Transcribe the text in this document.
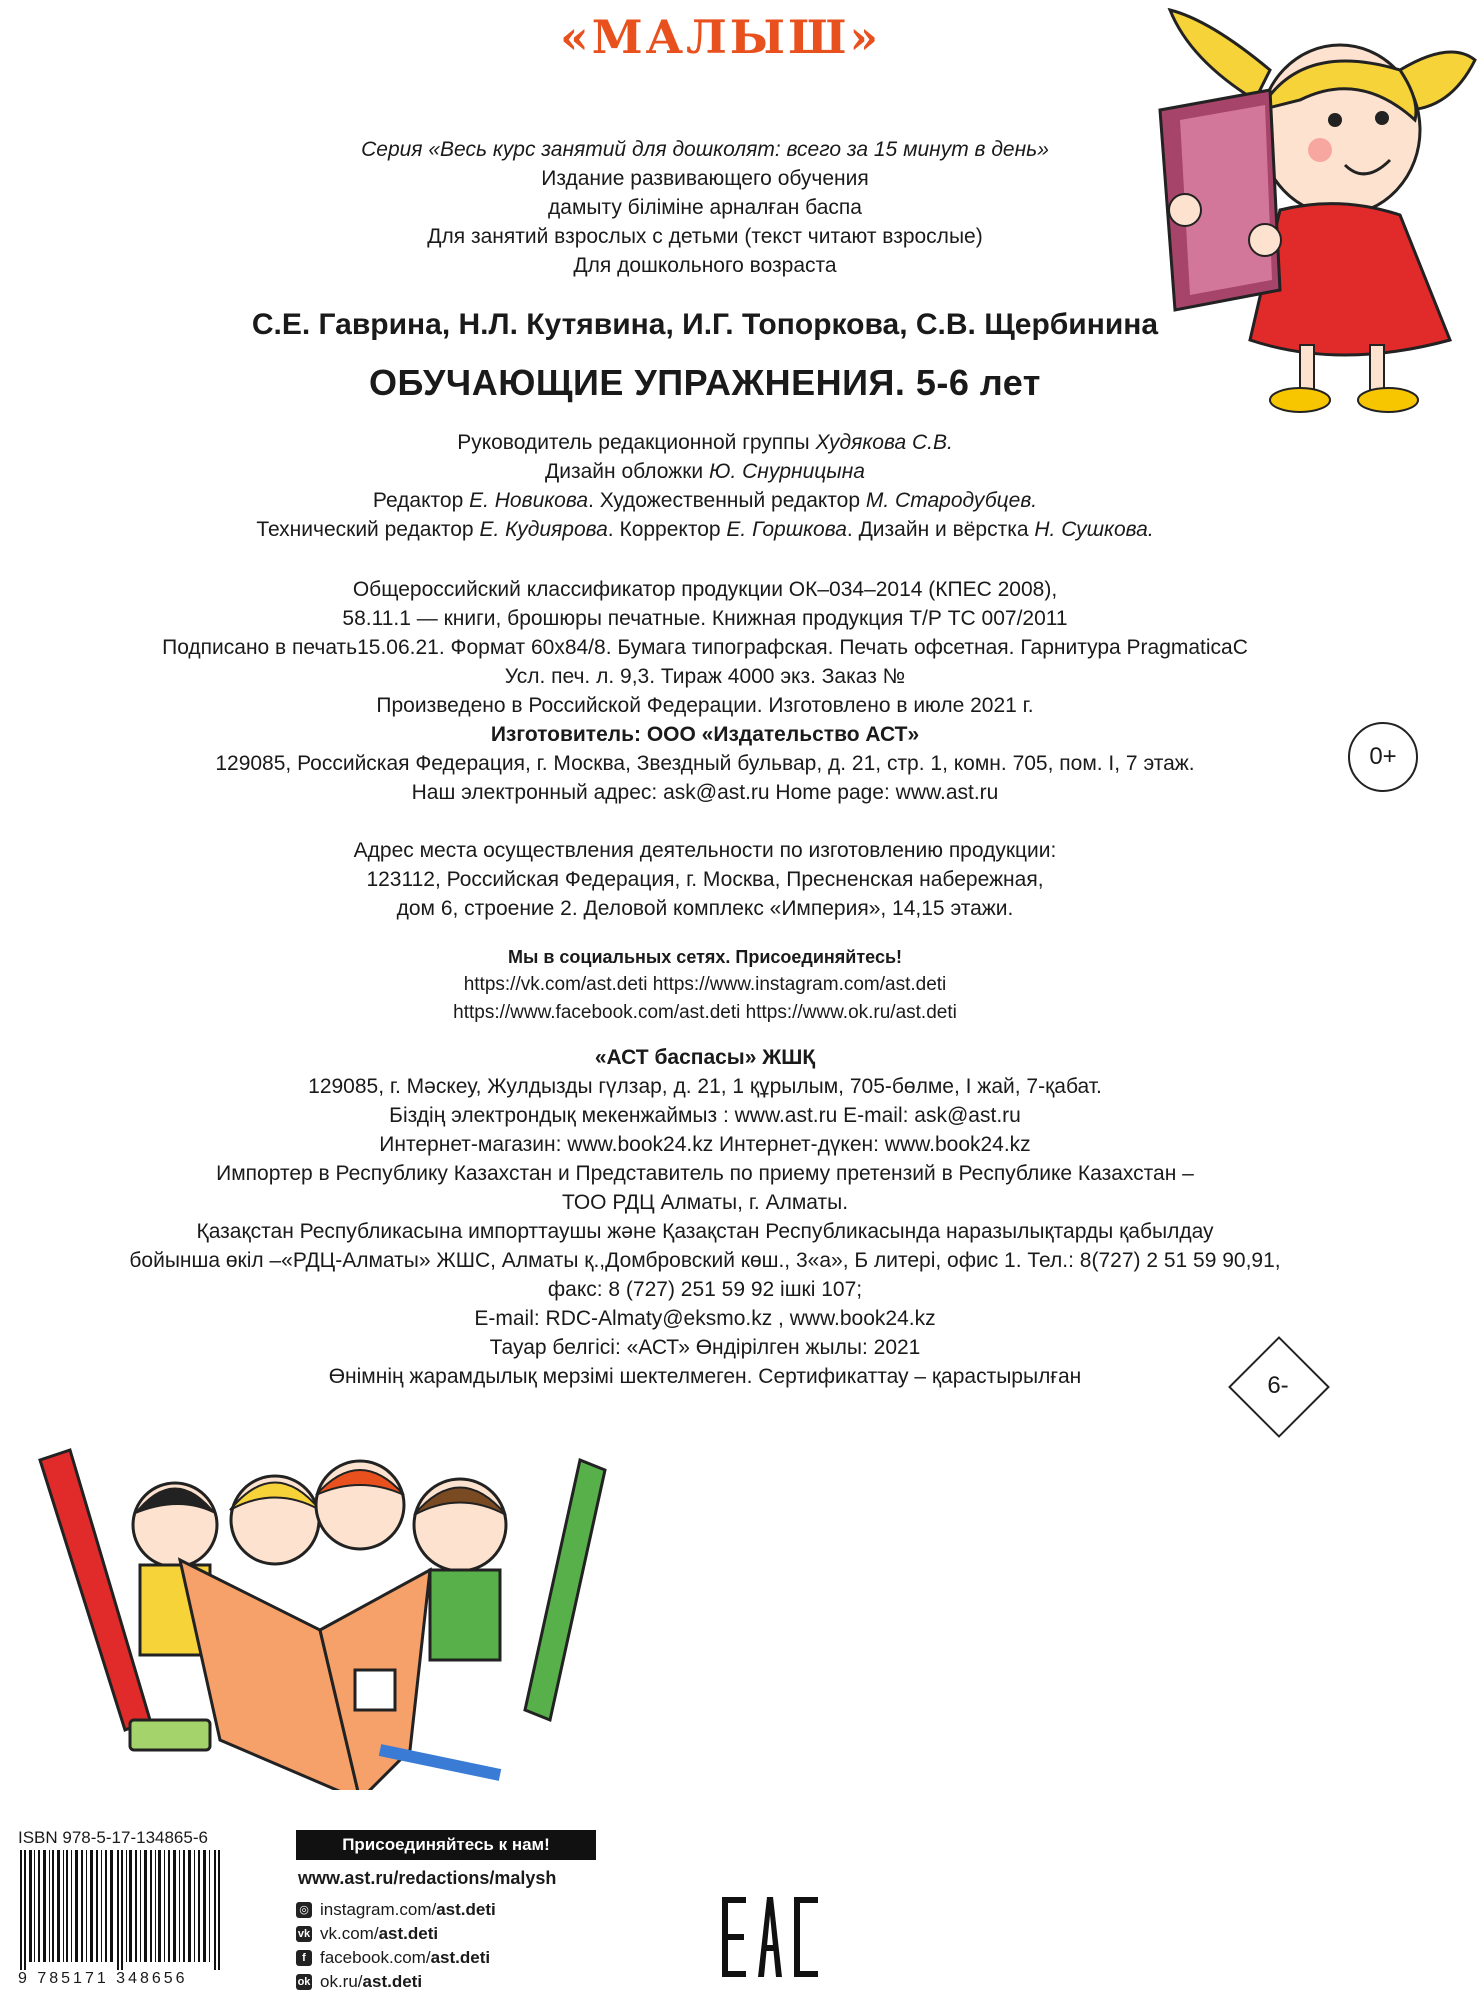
«МАЛЫШ»
Серия «Весь курс занятий для дошколят: всего за 15 минут в день»
Издание развивающего обучения
дамыту біліміне арналған баспа
Для занятий взрослых с детьми (текст читают взрослые)
Для дошкольного возраста
С.Е. Гаврина, Н.Л. Кутявина, И.Г. Топоркова, С.В. Щербинина
ОБУЧАЮЩИЕ УПРАЖНЕНИЯ. 5-6 лет
Руководитель редакционной группы Худякова С.В.
Дизайн обложки Ю. Снурницына
Редактор Е. Новикова. Художественный редактор М. Стародубцев.
Технический редактор Е. Кудиярова. Корректор Е. Горшкова. Дизайн и вёрстка Н. Сушкова.
Общероссийский классификатор продукции ОК–034–2014 (КПЕС 2008),
58.11.1 — книги, брошюры печатные. Книжная продукция Т/Р ТС 007/2011
Подписано в печать15.06.21. Формат 60х84/8. Бумага типографская. Печать офсетная. Гарнитура PragmaticaC
Усл. печ. л. 9,3. Тираж 4000 экз. Заказ №
Произведено в Российской Федерации. Изготовлено в июле 2021 г.
Изготовитель: ООО «Издательство АСТ»
129085, Российская Федерация, г. Москва, Звездный бульвар, д. 21, стр. 1, комн. 705, пом. I, 7 этаж.
Наш электронный адрес: ask@ast.ru Home page: www.ast.ru
0+
Адрес места осуществления деятельности по изготовлению продукции:
123112, Российская Федерация, г. Москва, Пресненская набережная,
дом 6, строение 2. Деловой комплекс «Империя», 14,15 этажи.
Мы в социальных сетях. Присоединяйтесь!
https://vk.com/ast.deti https://www.instagram.com/ast.deti
https://www.facebook.com/ast.deti https://www.ok.ru/ast.deti
«АСТ баспасы» ЖШҚ
129085, г. Мәскеу, Жулдызды гүлзар, д. 21, 1 құрылым, 705-бөлме, I жай, 7-қабат.
Біздің электрондық мекенжаймыз : www.ast.ru E-mail: ask@ast.ru
Интернет-магазин: www.book24.kz Интернет-дүкен: www.book24.kz
Импортер в Республику Казахстан и Представитель по приему претензий в Республике Казахстан –
ТОО РДЦ Алматы, г. Алматы.
Қазақстан Республикасына импорттаушы және Қазақстан Республикасында наразылықтарды қабылдау
бойынша өкіл –«РДЦ-Алматы» ЖШС, Алматы қ.,Домбровский көш., 3«а», Б литері, офис 1. Тел.: 8(727) 2 51 59 90,91,
факс: 8 (727) 251 59 92 ішкі 107;
E-mail: RDC-Almaty@eksmo.kz , www.book24.kz
Тауар белгісі: «АСТ» Өндірілген жылы: 2021
Өнімнің жарамдылық мерзімі шектелмеген. Сертификаттау – қарастырылған	6-
ISBN 978-5-17-134865-6
9 785171 348656
Присоединяйтесь к нам!
www.ast.ru/redactions/malysh
◎ instagram.com/ ast.deti
vk vk.com/ ast.deti
f facebook.com/ ast.deti
ok ok.ru/ ast.deti
